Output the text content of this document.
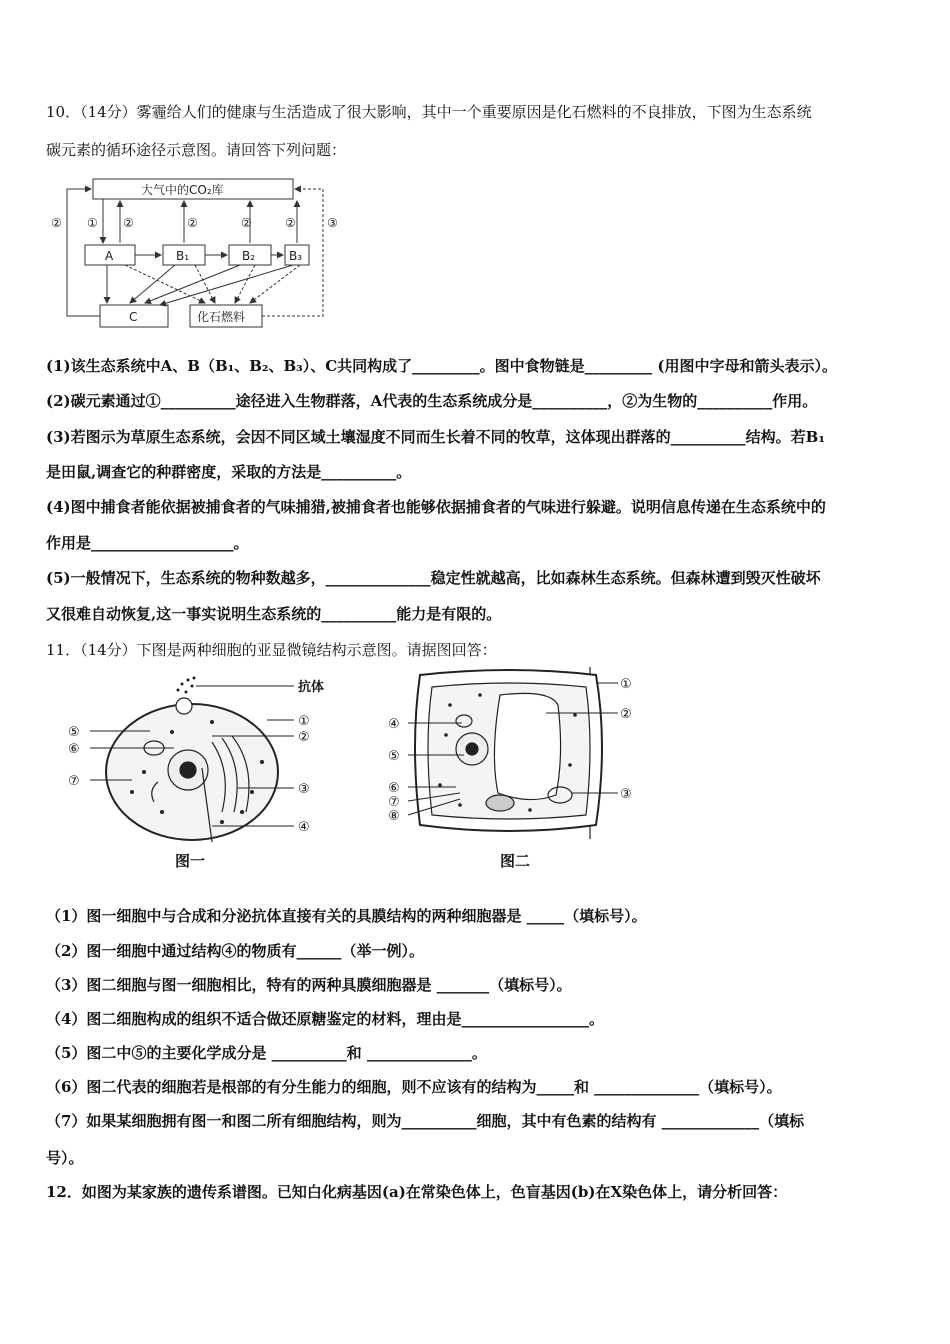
10．（14分）雾霾给人们的健康与生活造成了很大影响，其中一个重要原因是化石燃料的不良排放，下图为生态系统
碳元素的循环途径示意图。请回答下列问题：
大气中的CO₂库
A	B₁	B₂	B₃
C	化石燃料
② ① ②	②	②	②	③
(1)该生态系统中A、B（B₁、B₂、B₃）、C共同构成了_________。图中食物链是_________ (用图中字母和箭头表示）。
(2)碳元素通过①__________途径进入生物群落，A代表的生态系统成分是__________，②为生物的__________作用。
(3)若图示为草原生态系统，会因不同区域土壤湿度不同而生长着不同的牧草，这体现出群落的__________结构。若B₁
是田鼠,调查它的种群密度，采取的方法是__________。
(4)图中捕食者能依据被捕食者的气味捕猎,被捕食者也能够依据捕食者的气味进行躲避。说明信息传递在生态系统中的
作用是___________________。
(5)一般情况下，生态系统的物种数越多，______________稳定性就越高，比如森林生态系统。但森林遭到毁灭性破坏
又很难自动恢复,这一事实说明生态系统的__________能力是有限的。
11．（14分）下图是两种细胞的亚显微镜结构示意图。请据图回答：
抗体
①
②
③
④
⑤
⑥
⑦
图一
①
②
③
④
⑤
⑥
⑦
⑧
图二
（1）图一细胞中与合成和分泌抗体直接有关的具膜结构的两种细胞器是 _____（填标号）。
（2）图一细胞中通过结构④的物质有______（举一例）。
（3）图二细胞与图一细胞相比，特有的两种具膜细胞器是 _______（填标号）。
（4）图二细胞构成的组织不适合做还原糖鉴定的材料，理由是_________________。
（5）图二中⑤的主要化学成分是 __________和 ______________。
（6）图二代表的细胞若是根部的有分生能力的细胞，则不应该有的结构为_____和 ______________（填标号）。
（7）如果某细胞拥有图一和图二所有细胞结构，则为__________细胞，其中有色素的结构有 _____________（填标
号）。
12．如图为某家族的遗传系谱图。已知白化病基因(a)在常染色体上，色盲基因(b)在X染色体上，请分析回答：
